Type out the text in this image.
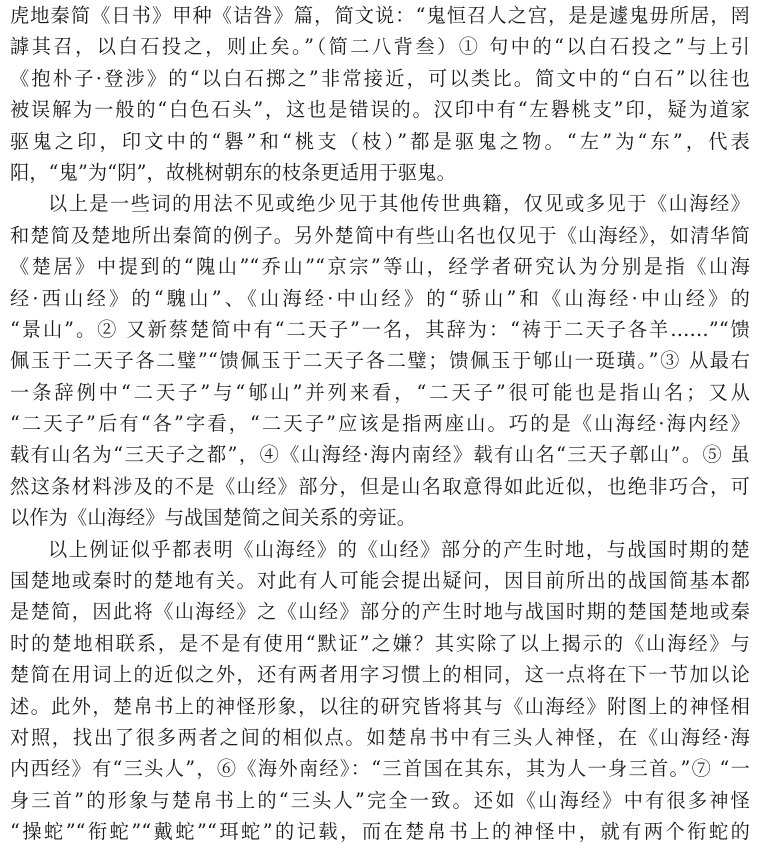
虎地秦简《日书》甲种《诘咎》篇，简文说：“鬼恒召人之宫，是是遽鬼毋所居，罔
謼其召，以白石投之，则止矣。”（简二八背叁）① 句中的“以白石投之”与上引
《抱朴子·登涉》的“以白石掷之”非常接近，可以类比。简文中的“白石”以往也
被误解为一般的“白色石头”，这也是错误的。汉印中有“左礜桃支”印，疑为道家
驱鬼之印，印文中的“礜”和“桃支（枝）”都是驱鬼之物。“左”为“东”，代表
阳，“鬼”为“阴”，故桃树朝东的枝条更适用于驱鬼。
以上是一些词的用法不见或绝少见于其他传世典籍，仅见或多见于《山海经》
和楚简及楚地所出秦简的例子。另外楚简中有些山名也仅见于《山海经》，如清华简
《楚居》中提到的“隗山”“乔山”“京宗”等山，经学者研究认为分别是指《山海
经·西山经》的“騩山”、《山海经·中山经》的“骄山”和《山海经·中山经》的
“景山”。② 又新蔡楚简中有“二天子”一名，其辞为：“祷于二天子各羊……”“馈
佩玉于二天子各二璧”“馈佩玉于二天子各二璧；馈佩玉于郇山一珽璜。”③ 从最右
一条辞例中“二天子”与“郇山”并列来看，“二天子”很可能也是指山名；又从
“二天子”后有“各”字看，“二天子”应该是指两座山。巧的是《山海经·海内经》
载有山名为“三天子之都”，④《山海经·海内南经》载有山名“三天子鄣山”。⑤ 虽
然这条材料涉及的不是《山经》部分，但是山名取意得如此近似，也绝非巧合，可
以作为《山海经》与战国楚简之间关系的旁证。
以上例证似乎都表明《山海经》的《山经》部分的产生时地，与战国时期的楚
国楚地或秦时的楚地有关。对此有人可能会提出疑问，因目前所出的战国简基本都
是楚简，因此将《山海经》之《山经》部分的产生时地与战国时期的楚国楚地或秦
时的楚地相联系，是不是有使用“默证”之嫌？其实除了以上揭示的《山海经》与
楚简在用词上的近似之外，还有两者用字习惯上的相同，这一点将在下一节加以论
述。此外，楚帛书上的神怪形象，以往的研究皆将其与《山海经》附图上的神怪相
对照，找出了很多两者之间的相似点。如楚帛书中有三头人神怪，在《山海经·海
内西经》有“三头人”，⑥《海外南经》：“三首国在其东，其为人一身三首。”⑦ “一
身三首”的形象与楚帛书上的“三头人”完全一致。还如《山海经》中有很多神怪
“操蛇”“衔蛇”“戴蛇”“珥蛇”的记载，而在楚帛书上的神怪中，就有两个衔蛇的
